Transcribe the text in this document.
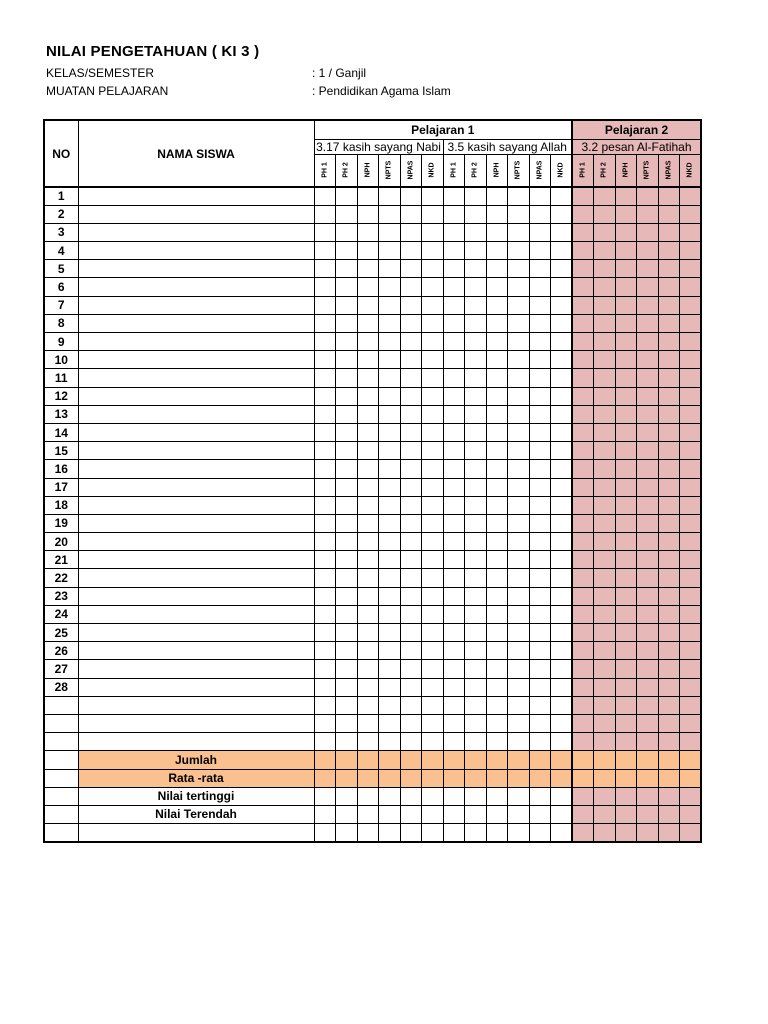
NILAI PENGETAHUAN ( KI 3 )
KELAS/SEMESTER	: 1 / Ganjil
MUATAN PELAJARAN	: Pendidikan Agama Islam
NO	NAMA SISWA	Pelajaran 1												Pelajaran 2					
		3.17 kasih sayang Nabi						3.5 kasih sayang Allah						3.2 pesan Al-Fatihah					

		PH 1	PH 2	NPH	NPTS	NPAS	NKD	PH 1	PH 2	NPH	NPTS	NPAS	NKD	PH 1	PH 2	NPH	NPTS	NPAS	NKD

1																			
2																			
3																			
4																			
5																			
6																			
7																			
8																			
9																			
10																			
11																			
12																			
13																			
14																			
15																			
16																			
17																			
18																			
19																			
20																			
21																			
22																			
23																			
24																			
25																			
26																			
27																			
28																			

	Jumlah																		
	Rata -rata																		
	Nilai tertinggi																		
	Nilai Terendah																		
